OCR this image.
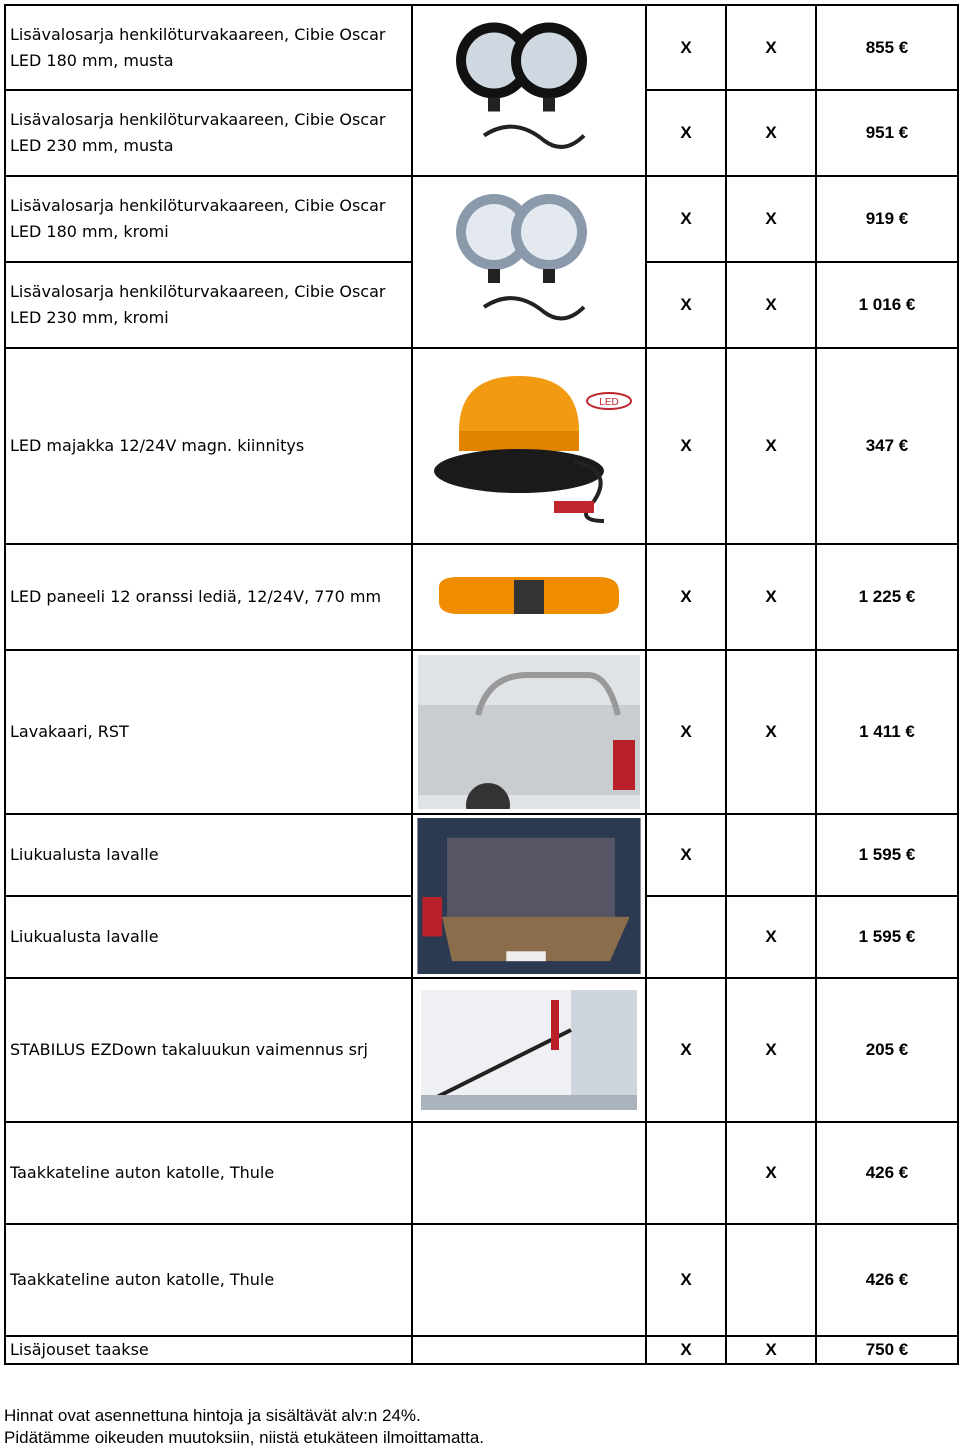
Lisävalosarja henkilöturvakaareen, Cibie Oscar LED 180 mm, musta		X	X	855 €
Lisävalosarja henkilöturvakaareen, Cibie Oscar LED 230 mm, musta		X	X	951 €
Lisävalosarja henkilöturvakaareen, Cibie Oscar LED 180 mm, kromi		X	X	919 €
Lisävalosarja henkilöturvakaareen, Cibie Oscar LED 230 mm, kromi		X	X	1 016 €
LED majakka 12/24V magn. kiinnitys	LED	X	X	347 €
LED paneeli 12 oranssi lediä, 12/24V, 770 mm		X	X	1 225 €
Lavakaari, RST		X	X	1 411 €
Liukualusta lavalle		X		1 595 €
Liukualusta lavalle			X	1 595 €
STABILUS EZDown takaluukun vaimennus srj		X	X	205 €
Taakkateline auton katolle, Thule			X	426 €
Taakkateline auton katolle, Thule		X		426 €
Lisäjouset taakse		X	X	750 €
Hinnat ovat asennettuna hintoja ja sisältävät alv:n 24%.
Pidätämme oikeuden muutoksiin, niistä etukäteen ilmoittamatta.
